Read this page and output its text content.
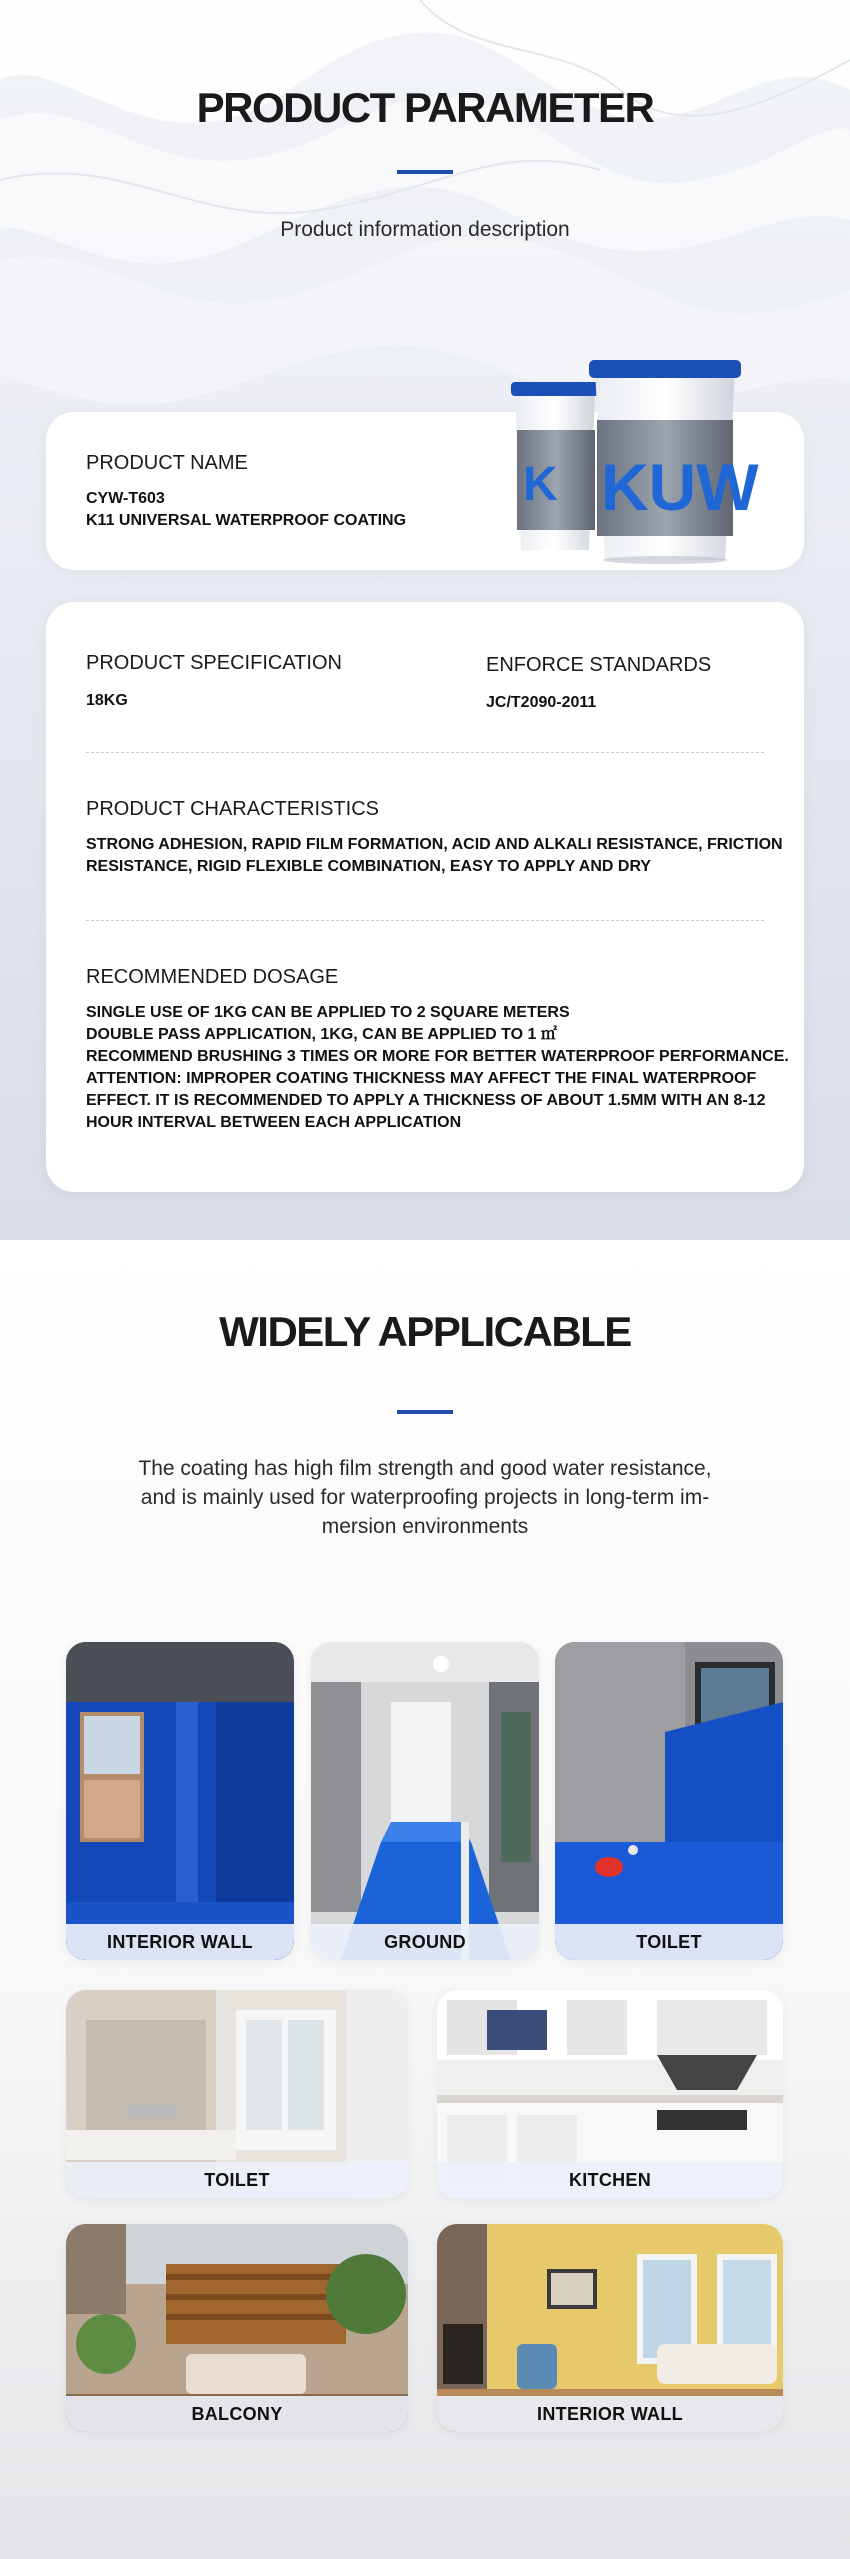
PRODUCT PARAMETER

Product information description

PRODUCT NAME
CYW-T603
K11 UNIVERSAL WATERPROOF COATING
K KUW
PRODUCT SPECIFICATION
18KG
ENFORCE STANDARDS
JC/T2090-2011
PRODUCT CHARACTERISTICS
STRONG ADHESION, RAPID FILM FORMATION, ACID AND ALKALI RESISTANCE, FRICTION
RESISTANCE, RIGID FLEXIBLE COMBINATION, EASY TO APPLY AND DRY
RECOMMENDED DOSAGE
SINGLE USE OF 1KG CAN BE APPLIED TO 2 SQUARE METERS
DOUBLE PASS APPLICATION, 1KG, CAN BE APPLIED TO 1 ㎡
RECOMMEND BRUSHING 3 TIMES OR MORE FOR BETTER WATERPROOF PERFORMANCE.
ATTENTION: IMPROPER COATING THICKNESS MAY AFFECT THE FINAL WATERPROOF
EFFECT. IT IS RECOMMENDED TO APPLY A THICKNESS OF ABOUT 1.5MM WITH AN 8-12
HOUR INTERVAL BETWEEN EACH APPLICATION
WIDELY APPLICABLE

The coating has high film strength and good water resistance,

and is mainly used for waterproofing projects in long-term im-

mersion environments

INTERIOR WALL	GROUND	TOILET
TOILET	KITCHEN
BALCONY	INTERIOR WALL
